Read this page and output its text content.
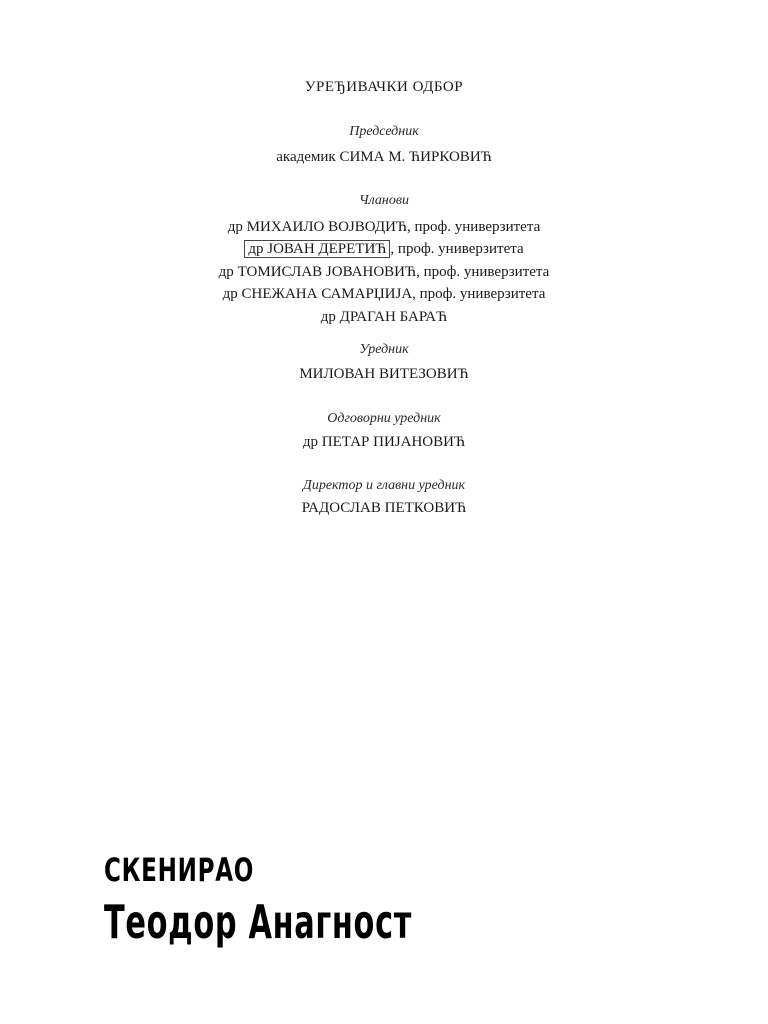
УРЕЂИВАЧКИ ОДБОР
Председник
академик СИМА М. ЋИРКОВИЋ
Чланови
др МИХАИЛО ВОЈВОДИЋ, проф. универзитета
др ЈОВАН ДЕРЕТИЋ , проф. универзитета
др ТОМИСЛАВ ЈОВАНОВИЋ, проф. универзитета
др СНЕЖАНА САМАРЏИЈА, проф. универзитета
др ДРАГАН БАРАЋ
Уредник
МИЛОВАН ВИТЕЗОВИЋ
Одговорни уредник
др ПЕТАР ПИЈАНОВИЋ
Директор и главни уредник
РАДОСЛАВ ПЕТКОВИЋ
СКЕНИРАО
Теодор Анагност
